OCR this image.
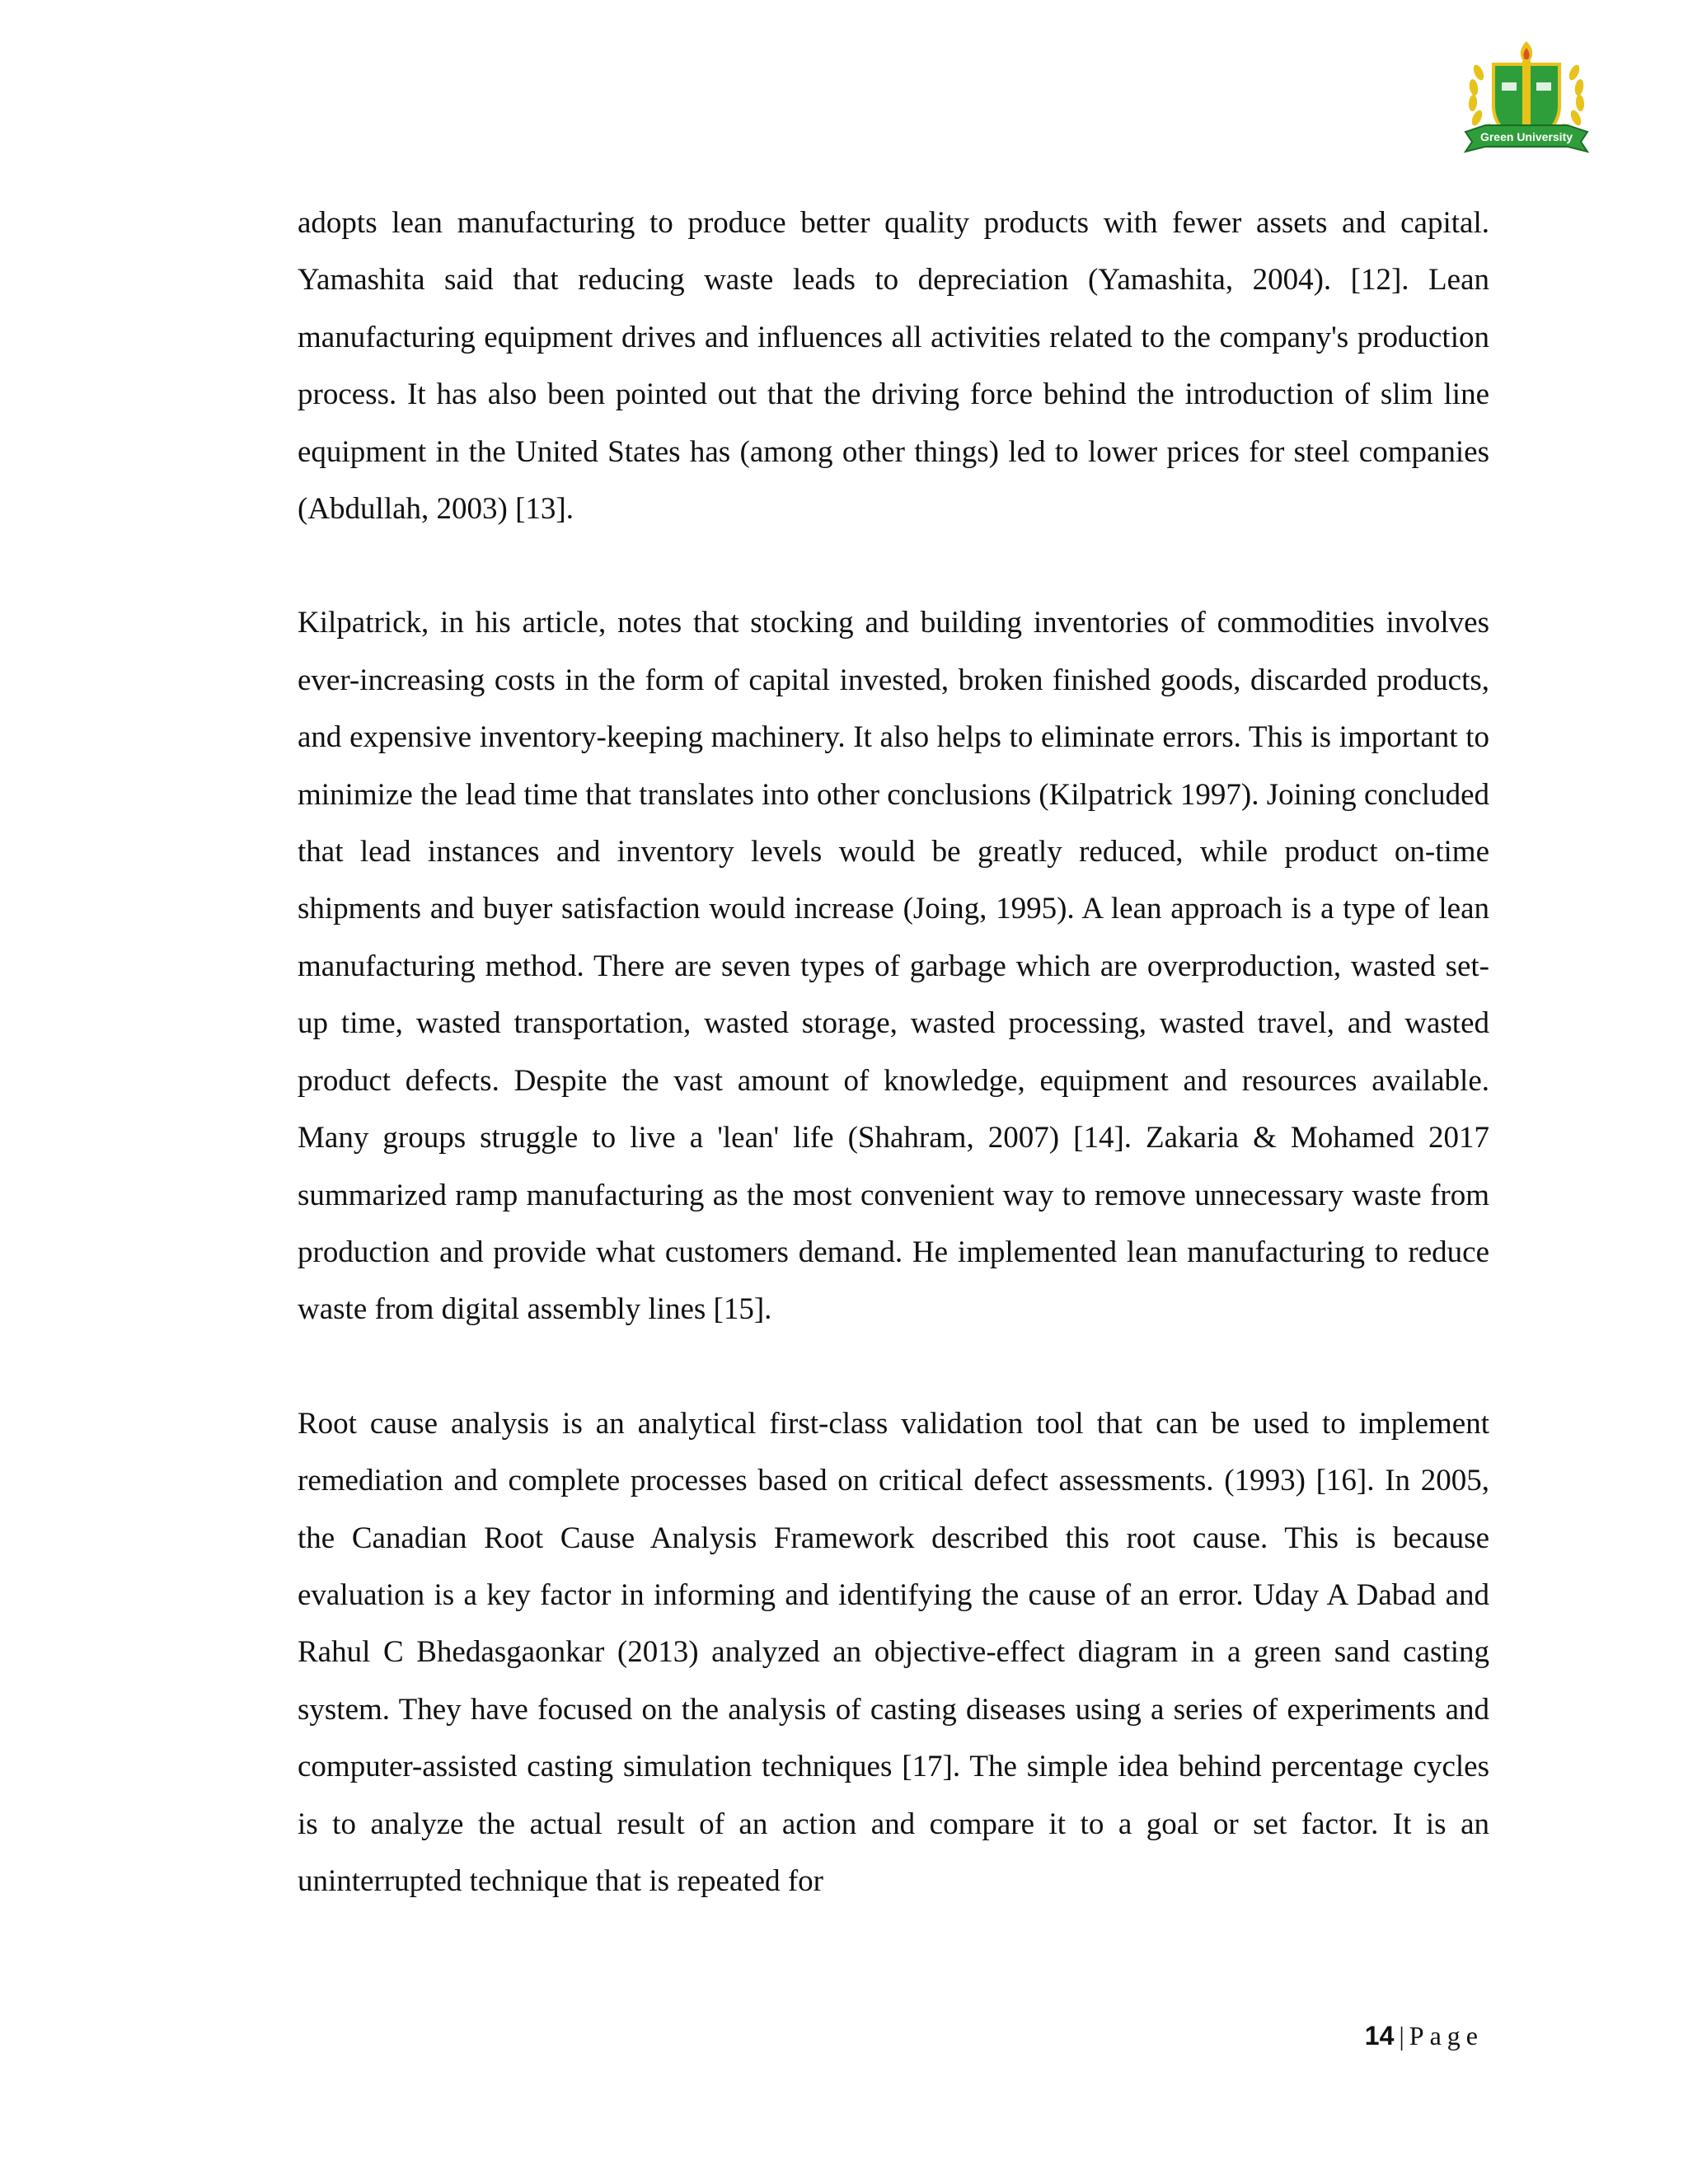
Green University

adopts lean manufacturing to produce better quality products with fewer assets and capital. Yamashita said that reducing waste leads to depreciation (Yamashita, 2004). [12]. Lean manufacturing equipment drives and influences all activities related to the company's production process. It has also been pointed out that the driving force behind the introduction of slim line equipment in the United States has (among other things) led to lower prices for steel companies (Abdullah, 2003) [13].

Kilpatrick, in his article, notes that stocking and building inventories of commodities involves ever-increasing costs in the form of capital invested, broken finished goods, discarded products, and expensive inventory-keeping machinery. It also helps to eliminate errors. This is important to minimize the lead time that translates into other conclusions (Kilpatrick 1997). Joining concluded that lead instances and inventory levels would be greatly reduced, while product on-time shipments and buyer satisfaction would increase (Joing, 1995). A lean approach is a type of lean manufacturing method. There are seven types of garbage which are overproduction, wasted set-up time, wasted transportation, wasted storage, wasted processing, wasted travel, and wasted product defects. Despite the vast amount of knowledge, equipment and resources available. Many groups struggle to live a 'lean' life (Shahram, 2007) [14]. Zakaria & Mohamed 2017 summarized ramp manufacturing as the most convenient way to remove unnecessary waste from production and provide what customers demand. He implemented lean manufacturing to reduce waste from digital assembly lines [15].

Root cause analysis is an analytical first-class validation tool that can be used to implement remediation and complete processes based on critical defect assessments. (1993) [16]. In 2005, the Canadian Root Cause Analysis Framework described this root cause. This is because evaluation is a key factor in informing and identifying the cause of an error. Uday A Dabad and Rahul C Bhedasgaonkar (2013) analyzed an objective-effect diagram in a green sand casting system. They have focused on the analysis of casting diseases using a series of experiments and computer-assisted casting simulation techniques [17]. The simple idea behind percentage cycles is to analyze the actual result of an action and compare it to a goal or set factor. It is an uninterrupted technique that is repeated for

14 | Page
